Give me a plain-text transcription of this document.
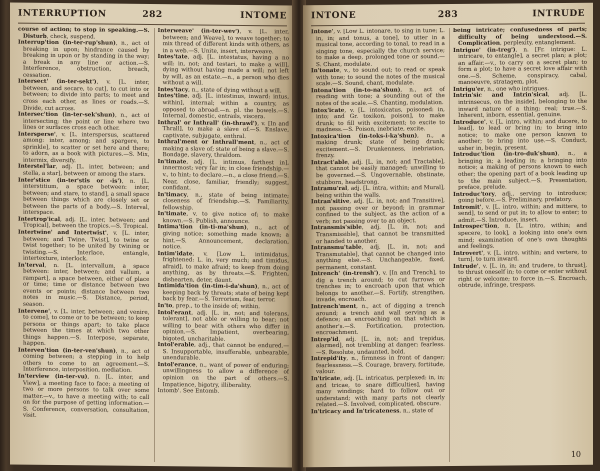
INTERRUPTION	282	INTOME

course of action; to stop in speaking.—S. Disturb, check, suspend.

Interrup'tion (in-ter-rup'shun), n., act of breaking in upon; hindrance caused by breaking in upon or by standing in the way; a break in any line or action.—S. Interference, obstruction, breach, cessation.

Intersect' (in-ter-sekt'), v. [L. inter, between, and secare, to cut], to cut into or between; to divide into parts; to meet and cross each other, as lines or roads.—S. Divide, cut across.

Intersec'tion (in-ter-sek'shun), n., act of intersecting; the point or line where two lines or surfaces cross each other.

Intersperse', v. [L. interspersus, scattered among: inter, among; and spargere, to sprinkle], to scatter or set here and there; to adorn, as a book with pictures.—S. Mix, intermix, diversify.

Interstel'lar, adj. [L. inter, between; and stella, a star], between or among the stars.

Inter'stice (in-ter'stis or -is'), n. [L. interstitium, a space between: inter, between; and stare, to stand], a small space between things which are closely set or between the parts of a body.—S. Interval, interspace.

Intertrop'ical, adj. [L. inter, between; and Tropical], between the tropics.—S. Tropical.

Intertwine' and Intertwist', v. [L. inter, between; and Twine, Twist], to twine or twist together; to be united by twining or twisting.—S. Interlace, entangle, intertexture, interlock.

In'terval, n. [L. intervallum, a space between: inter, between; and vallum, a rampart], a space between, either of place or time; time or distance between two events or points; distance between two notes in music.—S. Distance, period, season.

Intervene', v. [L. inter, between; and venire, to come], to come or to be between; to keep persons or things apart; to take place between the times at which two other things happen.—S. Interpose, separate, happen.

Interven'tion (in-ter-ven'shun), n., act of coming between; a stepping in to help others to come to an agreement.—S. Interference, interposition, mediation.

In'terview (in-ter-vu), n. [L. inter, and View], a meeting face to face; a meeting of two or more persons to talk over some matter.—v., to have a meeting with; to call on for the purpose of getting information.—S. Conference, conversation, consultation, visit.

Interweave' (in-ter-wev'), v. [L. inter, between; and Weave], to weave together; to mix thread of different kinds with others, as in a web.—S. Unite, insert, interweave.

Intes'tate, adj. [L. intestatus, having a no will: in, not; and testari, to make a will], dying without having made a will; not left by will, as an estate.—n., a person who dies without a will.

Intes'tacy, n., state of dying without a will.

Intes'tine, adj. [L. intestinus, inward: intus, within], internal; within a country, as opposed to abroad.—n. pl. the bowels.—S. Internal, domestic, entrails, viscera.

Inthral' or Inthrall' (in-thrawl'), v. [In and Thrall], to make a slave of.—S. Enslave, captivate, subjugate, enthral.

Inthral'ment or Inthrall'ment, n., act of making a slave of; state of being a slave.—S. Bondage, slavery, thraldom.

In'timate, adj. [L. intimus, farthest in], innermost; very far in; in close friendship.—v., to hint; to declare.—n., a close friend.—S. Near, close, familiar, friendly; suggest, confidant.

In'timacy, n., state of being intimate; closeness of friendship.—S. Familiarity, fellowship.

In'timate, v. to give notice of; to make known.—S. Publish, announce.

Intima'tion (in-ti-ma'shun), n., act of giving notice; something made known; a hint.—S. Announcement, declaration, notice.

Intim'idate, v. [Low L. intimidatus, frightened: L. in, very much; and timidus, afraid], to make afraid; to keep from doing anything, as by threats.—S. Frighten, dishearten, deter, daunt.

Intimida'tion (in-tim-i-da'shun), n., act of keeping back by threats; state of being kept back by fear.—S. Terrorism, fear, terror.

In'to, prep., to the inside of; within.

Intol'erant, adj. [L. in, not; and tolerans, tolerant], not able or willing to bear; not willing to bear with others who differ in opinion.—S. Impatient, overbearing, bigoted, uncharitable.

Intol'erable, adj., that cannot be endured.—S. Insupportable, insufferable, unbearable, unendurable.

Intol'erance, n., want of power of enduring; unwillingness to allow a difference of opinion on the part of others.—S. Impatience, bigotry, illiberality.

Intomb'. See Entomb.

INTONE	283	INTRUDE

Intone', v. [Low L. intonare, to sing in tune; L. in, in; and tonus, a tone], to utter in a musical tone, according to tonal, to read in a singing tone, especially the church service; to make a deep, prolonged tone or sound.—S. Chant, modulate.

In'tonate, v., to sound out; to read or speak with tone; to sound the notes of the musical scale.—S. Sound, chant, modulate.

Intona'tion (in-to-na'shun), n., act of reading with tone; a sounding out of the notes of the scale.—S. Chanting, modulation.

Intox'icate, v. [L. intoxicatus, poisoned: in, into; and Gr. toxikon, poison], to make drunk; to fill with excitement; to excite to madness.—S. Poison, inebriate, excite.

Intoxica'tion (in-toks-i-ka'shun), n., a making drunk; state of being drunk; excitement.—S. Drunkenness, inebriation, frenzy.

Intract'able, adj. [L. in, not; and Tractable], that cannot be easily managed; unwilling to be governed.—S. Ungovernable, obstinate, stubborn, headstrong.

Intramu'ral, adj. [L. intra, within; and Mural], being within the walls.

Intran'sitive, adj. [L. in, not; and Transitive], not passing over or beyond; in grammar confined to the subject, as the action of a verb; not passing over to an object.

Intransmis'sible, adj. [L. in, not; and Transmissible], that cannot be transmitted or handed to another.

Intransmu'table, adj. [L. in, not; and Transmutable], that cannot be changed into anything else.—S. Unchangeable, fixed, permanent, constant.

Intrench' (in-trensh'), v. [In and Trench], to dig a trench around; to cut furrows or trenches in; to encroach upon that which belongs to another.—S. Fortify, strengthen, invade, encroach.

Intrench'ment, n., act of digging a trench around; a trench and wall serving as a defence; an encroaching on that which is another's.—S. Fortification, protection, encroachment.

Intrep'id, adj. [L. in, not; and trepidus, alarmed], not trembling at danger; fearless.—S. Resolute, undaunted, bold.

Intrepid'ity, n., firmness in front of danger; fearlessness.—S. Courage, bravery, fortitude, valour.

In'tricate, adj. [L. intricatus, perplexed: in, in; and tricae, to snare difficulties], having many windings; hard to follow out or understand; with many parts not clearly related.—S. Involved, complicated, obscure.

In'tricacy and In'tricateness, n., state of

being intricate; confusedness of parts; difficulty of being understood.—S. Complication, perplexity, entanglement.

Intrigue' (in-treg'), n. [Fr. intrigue: L. intricare, to entangle], a secret plan; a plot; an affair.—v., to carry on a secret plan; to form a plot; to have a secret love affair with one.—S. Scheme, conspiracy, cabal, manoeuvre, stratagem, plot.

Intrigu'er, n., one who intrigues.

Intrin'sic and Intrin'sical, adj. [L. intrinsecus, on the inside], belonging to the inward nature of a thing; real; true.—S. Inherent, inborn, essential, genuine.

Introduce', v. [L. intro, within; and ducere, to lead], to lead or bring in; to bring into notice; to make one person known to another; to bring into use.—S. Conduct, usher in, begin, present.

Introduc'tion (in-tro-duk'shun), n., a bringing in; a leading in; a bringing into notice; a making of persons known to each other; the opening part of a book leading up to the main subject.—S. Presentation, preface, prelude.

Introduc'tory, adj., serving to introduce; going before.—S. Preliminary, prefatory.

Intromit', v. [L. intro, within; and mittere, to send], to send or put in; to allow to enter; to admit.—S. Introduce, insert.

Introspec'tion, n. [L. intro, within; and specere, to look], a looking into one's own mind; examination of one's own thoughts and feelings.

Introvert', v. [L. intro, within; and vertere, to turn], to turn inward.

Intrude', v. [L. in, in; and trudere, to thrust], to thrust oneself in; to come or enter without right or welcome; to force in.—S. Encroach, obtrude, infringe, trespass.

10
